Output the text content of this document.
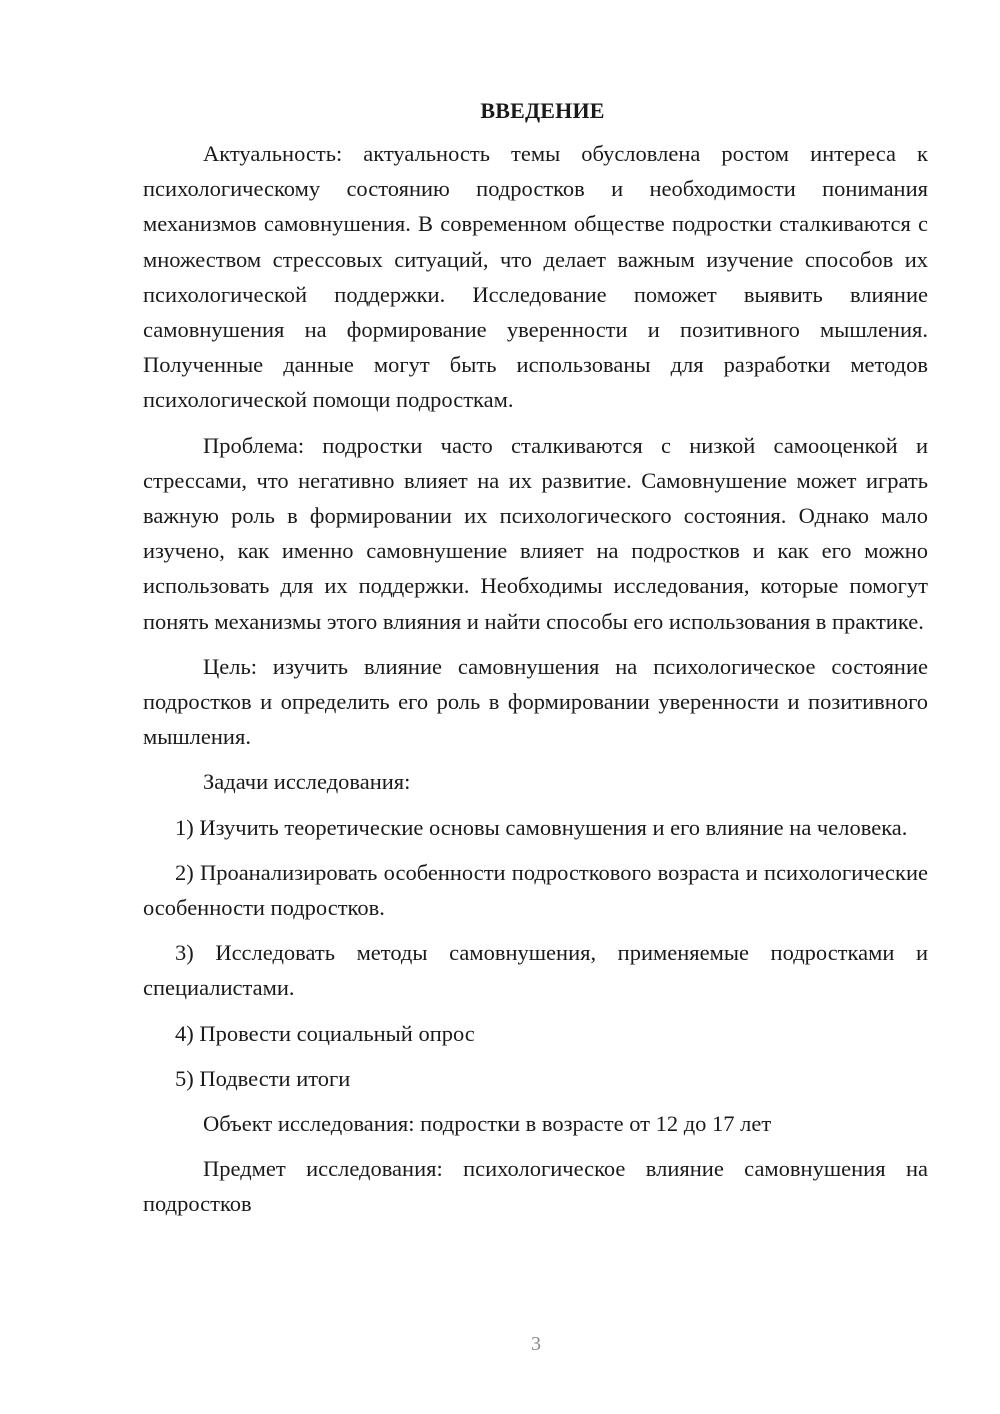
ВВЕДЕНИЕ

Актуальность: актуальность темы обусловлена ростом интереса к психологическому состоянию подростков и необходимости понимания механизмов самовнушения. В современном обществе подростки сталкиваются с множеством стрессовых ситуаций, что делает важным изучение способов их психологической поддержки. Исследование поможет выявить влияние самовнушения на формирование уверенности и позитивного мышления. Полученные данные могут быть использованы для разработки методов психологической помощи подросткам.

Проблема: подростки часто сталкиваются с низкой самооценкой и стрессами, что негативно влияет на их развитие. Самовнушение может играть важную роль в формировании их психологического состояния. Однако мало изучено, как именно самовнушение влияет на подростков и как его можно использовать для их поддержки. Необходимы исследования, которые помогут понять механизмы этого влияния и найти способы его использования в практике.

Цель: изучить влияние самовнушения на психологическое состояние подростков и определить его роль в формировании уверенности и позитивного мышления.

Задачи исследования:

1) Изучить теоретические основы самовнушения и его влияние на человека.

2) Проанализировать особенности подросткового возраста и психологические особенности подростков.

3) Исследовать методы самовнушения, применяемые подростками и специалистами.

4) Провести социальный опрос

5) Подвести итоги

Объект исследования: подростки в возрасте от 12 до 17 лет

Предмет исследования: психологическое влияние самовнушения на подростков

3
